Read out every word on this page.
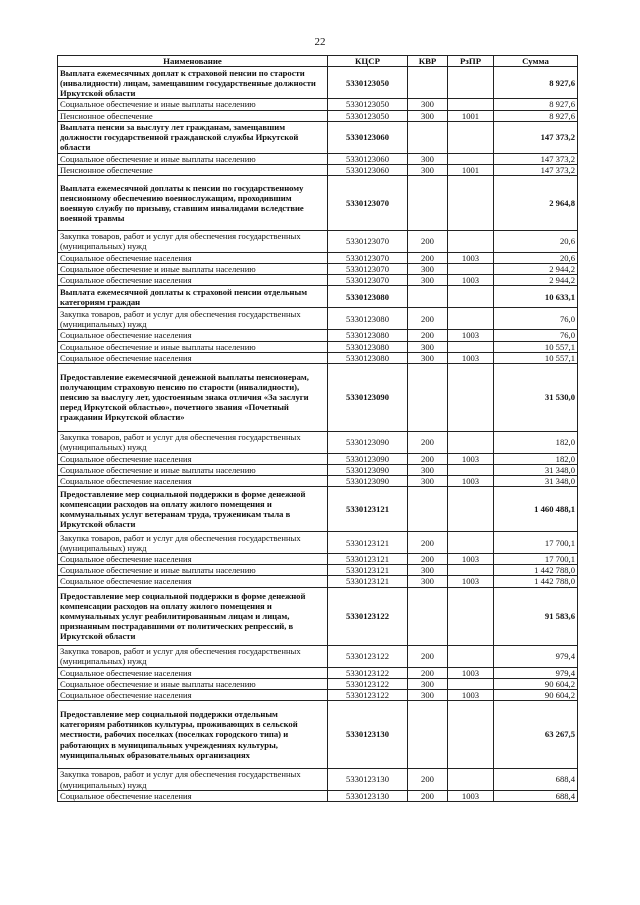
22
Наименование	КЦСР	КВР	РзПР	Сумма
Выплата ежемесячных доплат к страховой пенсии по старости (инвалидности) лицам, замещавшим государственные должности Иркутской области	5330123050			8 927,6
Социальное обеспечение и иные выплаты населению	5330123050	300		8 927,6
Пенсионное обеспечение	5330123050	300	1001	8 927,6
Выплата пенсии за выслугу лет гражданам, замещавшим должности государственной гражданской службы Иркутской области	5330123060			147 373,2
Социальное обеспечение и иные выплаты населению	5330123060	300		147 373,2
Пенсионное обеспечение	5330123060	300	1001	147 373,2
Выплата ежемесячной доплаты к пенсии по государственному пенсионному обеспечению военнослужащим, проходившим военную службу по призыву, ставшим инвалидами вследствие военной травмы	5330123070			2 964,8
Закупка товаров, работ и услуг для обеспечения государственных (муниципальных) нужд	5330123070	200		20,6
Социальное обеспечение населения	5330123070	200	1003	20,6
Социальное обеспечение и иные выплаты населению	5330123070	300		2 944,2
Социальное обеспечение населения	5330123070	300	1003	2 944,2
Выплата ежемесячной доплаты к страховой пенсии отдельным категориям граждан	5330123080			10 633,1
Закупка товаров, работ и услуг для обеспечения государственных (муниципальных) нужд	5330123080	200		76,0
Социальное обеспечение населения	5330123080	200	1003	76,0
Социальное обеспечение и иные выплаты населению	5330123080	300		10 557,1
Социальное обеспечение населения	5330123080	300	1003	10 557,1
Предоставление ежемесячной денежной выплаты пенсионерам, получающим страховую пенсию по старости (инвалидности), пенсию за выслугу лет, удостоенным знака отличия «За заслуги перед Иркутской областью», почетного звания «Почетный гражданин Иркутской области»	5330123090			31 530,0
Закупка товаров, работ и услуг для обеспечения государственных (муниципальных) нужд	5330123090	200		182,0
Социальное обеспечение населения	5330123090	200	1003	182,0
Социальное обеспечение и иные выплаты населению	5330123090	300		31 348,0
Социальное обеспечение населения	5330123090	300	1003	31 348,0
Предоставление мер социальной поддержки в форме денежной компенсации расходов на оплату жилого помещения и коммунальных услуг ветеранам труда, труженикам тыла в Иркутской области	5330123121			1 460 488,1
Закупка товаров, работ и услуг для обеспечения государственных (муниципальных) нужд	5330123121	200		17 700,1
Социальное обеспечение населения	5330123121	200	1003	17 700,1
Социальное обеспечение и иные выплаты населению	5330123121	300		1 442 788,0
Социальное обеспечение населения	5330123121	300	1003	1 442 788,0
Предоставление мер социальной поддержки в форме денежной компенсации расходов на оплату жилого помещения и коммунальных услуг реабилитированным лицам и лицам, признанным пострадавшими от политических репрессий, в Иркутской области	5330123122			91 583,6
Закупка товаров, работ и услуг для обеспечения государственных (муниципальных) нужд	5330123122	200		979,4
Социальное обеспечение населения	5330123122	200	1003	979,4
Социальное обеспечение и иные выплаты населению	5330123122	300		90 604,2
Социальное обеспечение населения	5330123122	300	1003	90 604,2
Предоставление мер социальной поддержки отдельным категориям работников культуры, проживающих в сельской местности, рабочих поселках (поселках городского типа) и работающих в муниципальных учреждениях культуры, муниципальных образовательных организациях	5330123130			63 267,5
Закупка товаров, работ и услуг для обеспечения государственных (муниципальных) нужд	5330123130	200		688,4
Социальное обеспечение населения	5330123130	200	1003	688,4
